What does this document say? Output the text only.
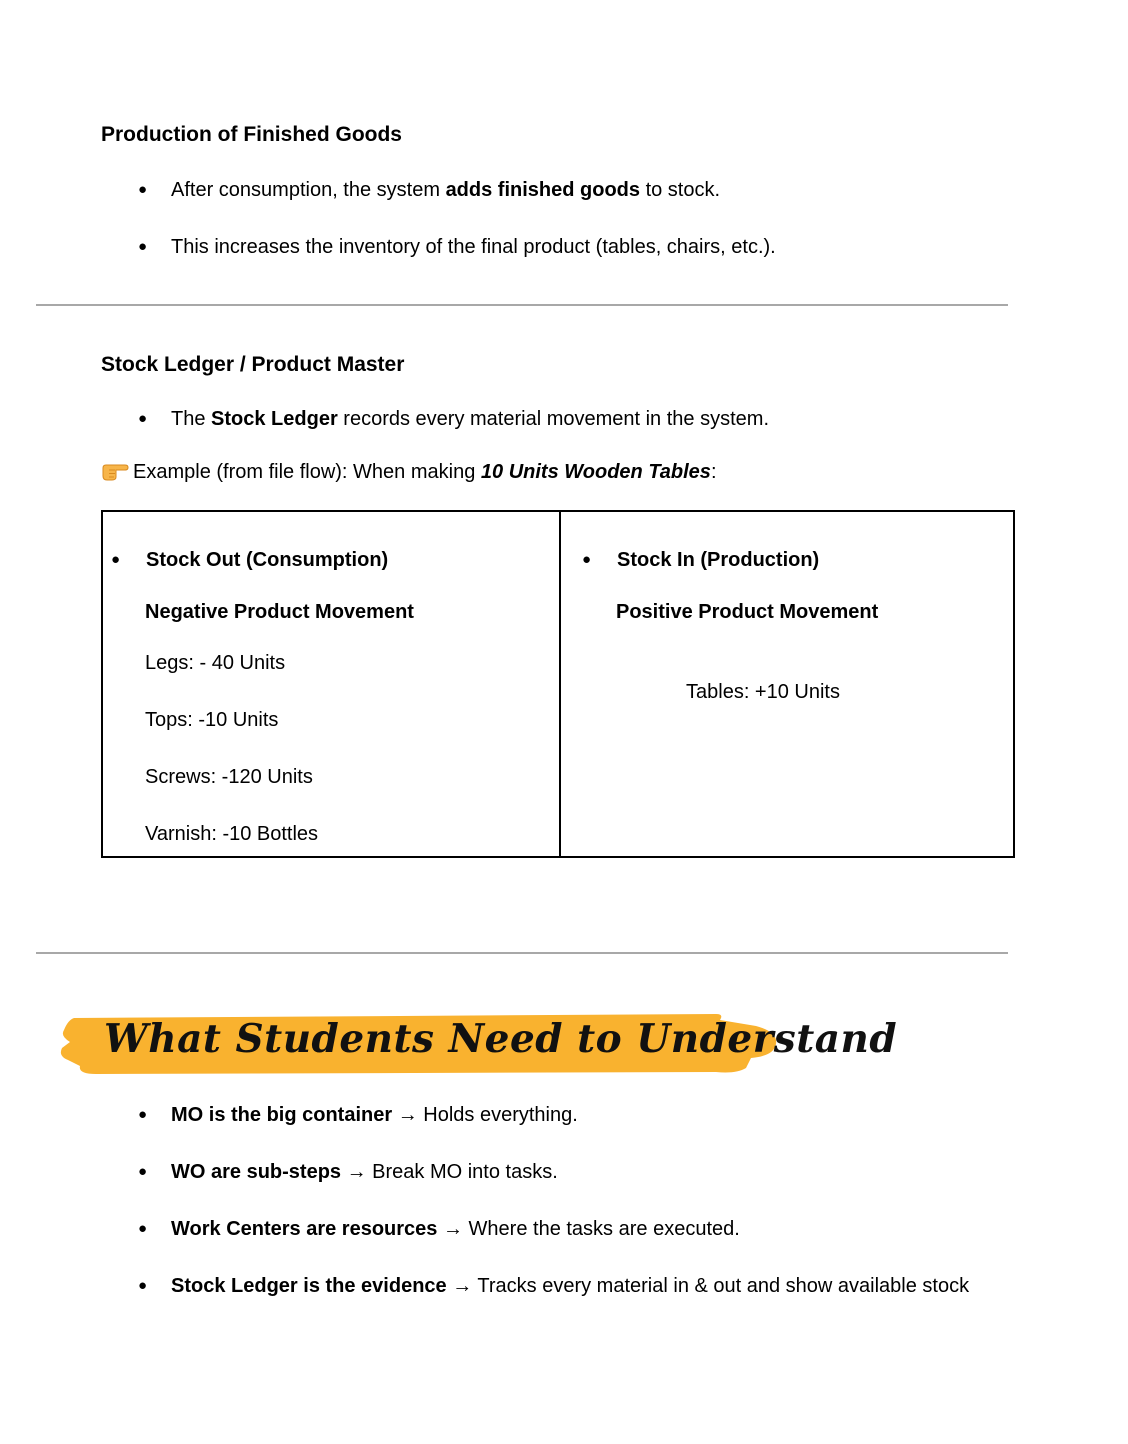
Production of Finished Goods
● After consumption, the system adds finished goods to stock.
● This increases the inventory of the final product (tables, chairs, etc.).
Stock Ledger / Product Master
● The Stock Ledger records every material movement in the system.
Example (from file flow): When making 10 Units Wooden Tables:
● Stock Out (Consumption)
Negative Product Movement
Legs: - 40 Units
Tops: -10 Units
Screws: -120 Units
Varnish: -10 Bottles
● Stock In (Production)
Positive Product Movement
Tables: +10 Units
What Students Need to Understand
● MO is the big container → Holds everything.
● WO are sub-steps → Break MO into tasks.
● Work Centers are resources → Where the tasks are executed.
● Stock Ledger is the evidence → Tracks every material in & out and show available stock
